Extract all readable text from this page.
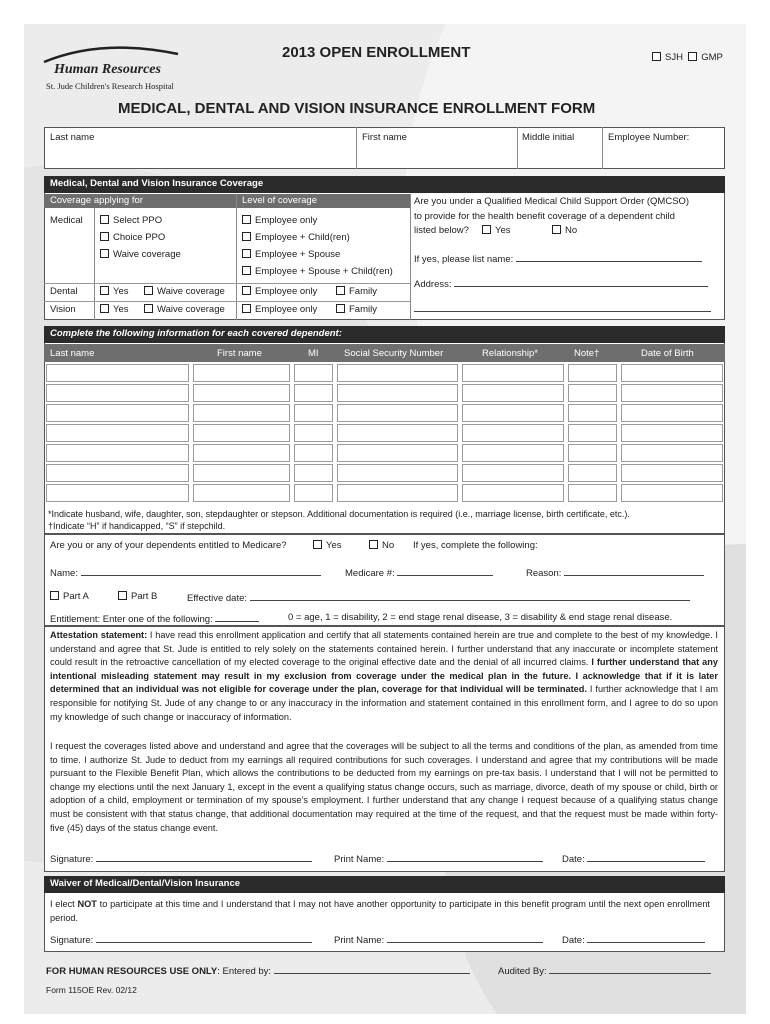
Human Resources
St. Jude Children's Research Hospital
2013 OPEN ENROLLMENT	SJH GMP
MEDICAL, DENTAL AND VISION INSURANCE ENROLLMENT FORM
Last name	First name	Middle initial	Employee Number:
Medical, Dental and Vision Insurance Coverage
Coverage applying for	Level of coverage
Medical	Select PPO
Choice PPO
Waive coverage
Employee only
Employee + Child(ren)
Employee + Spouse
Employee + Spouse + Child(ren)
Dental	Yes	Waive coverage	Employee only	Family
Vision	Yes	Waive coverage	Employee only	Family
Are you under a Qualified Medical Child Support Order (QMCSO)
to provide for the health benefit coverage of a dependent child
listed below?	Yes	No
If yes, please list name:
Address:
Complete the following information for each covered dependent:
Last name	First name	MI	Social Security Number	Relationship*	Note†	Date of Birth
*Indicate husband, wife, daughter, son, stepdaughter or stepson. Additional documentation is required (i.e., marriage license, birth certificate, etc.).
†Indicate “H” if handicapped, “S” if stepchild.
Are you or any of your dependents entitled to Medicare?	Yes	No If yes, complete the following:
Name:	Medicare #:	Reason:
Part A	Part B	Effective date:
Entitlement: Enter one of the following:	0 = age, 1 = disability, 2 = end stage renal disease, 3 = disability & end stage renal disease.
Attestation statement: I have read this enrollment application and certify that all statements contained herein are true and complete to the best of my knowledge. I understand and agree that St. Jude is entitled to rely solely on the statements contained herein. I further understand that any inaccurate or incomplete statement could result in the retroactive cancellation of my elected coverage to the original effective date and the denial of all incurred claims. I further understand that any intentional misleading statement may result in my exclusion from coverage under the medical plan in the future. I acknowledge that if it is later determined that an individual was not eligible for coverage under the plan, coverage for that individual will be terminated. I further acknowledge that I am responsible for notifying St. Jude of any change to or any inaccuracy in the information and statement contained in this enrollment form, and I agree to do so upon my knowledge of such change or inaccuracy of information.
I request the coverages listed above and understand and agree that the coverages will be subject to all the terms and conditions of the plan, as amended from time to time. I authorize St. Jude to deduct from my earnings all required contributions for such coverages. I understand and agree that my contributions will be made pursuant to the Flexible Benefit Plan, which allows the contributions to be deducted from my earnings on pre-tax basis. I understand that I will not be permitted to change my elections until the next January 1, except in the event a qualifying status change occurs, such as marriage, divorce, death of my spouse or child, birth or adoption of a child, employment or termination of my spouse’s employment. I further understand that any change I request because of a qualifying status change must be consistent with that status change, that additional documentation may required at the time of the request, and that the request must be made within forty-five (45) days of the status change event.
Signature:	Print Name:	Date:
Waiver of Medical/Dental/Vision Insurance
I elect NOT to participate at this time and I understand that I may not have another opportunity to participate in this benefit program until the next open enrollment period.
Signature:	Print Name:	Date:
FOR HUMAN RESOURCES USE ONLY: Entered by:	Audited By:
Form 115OE Rev. 02/12
